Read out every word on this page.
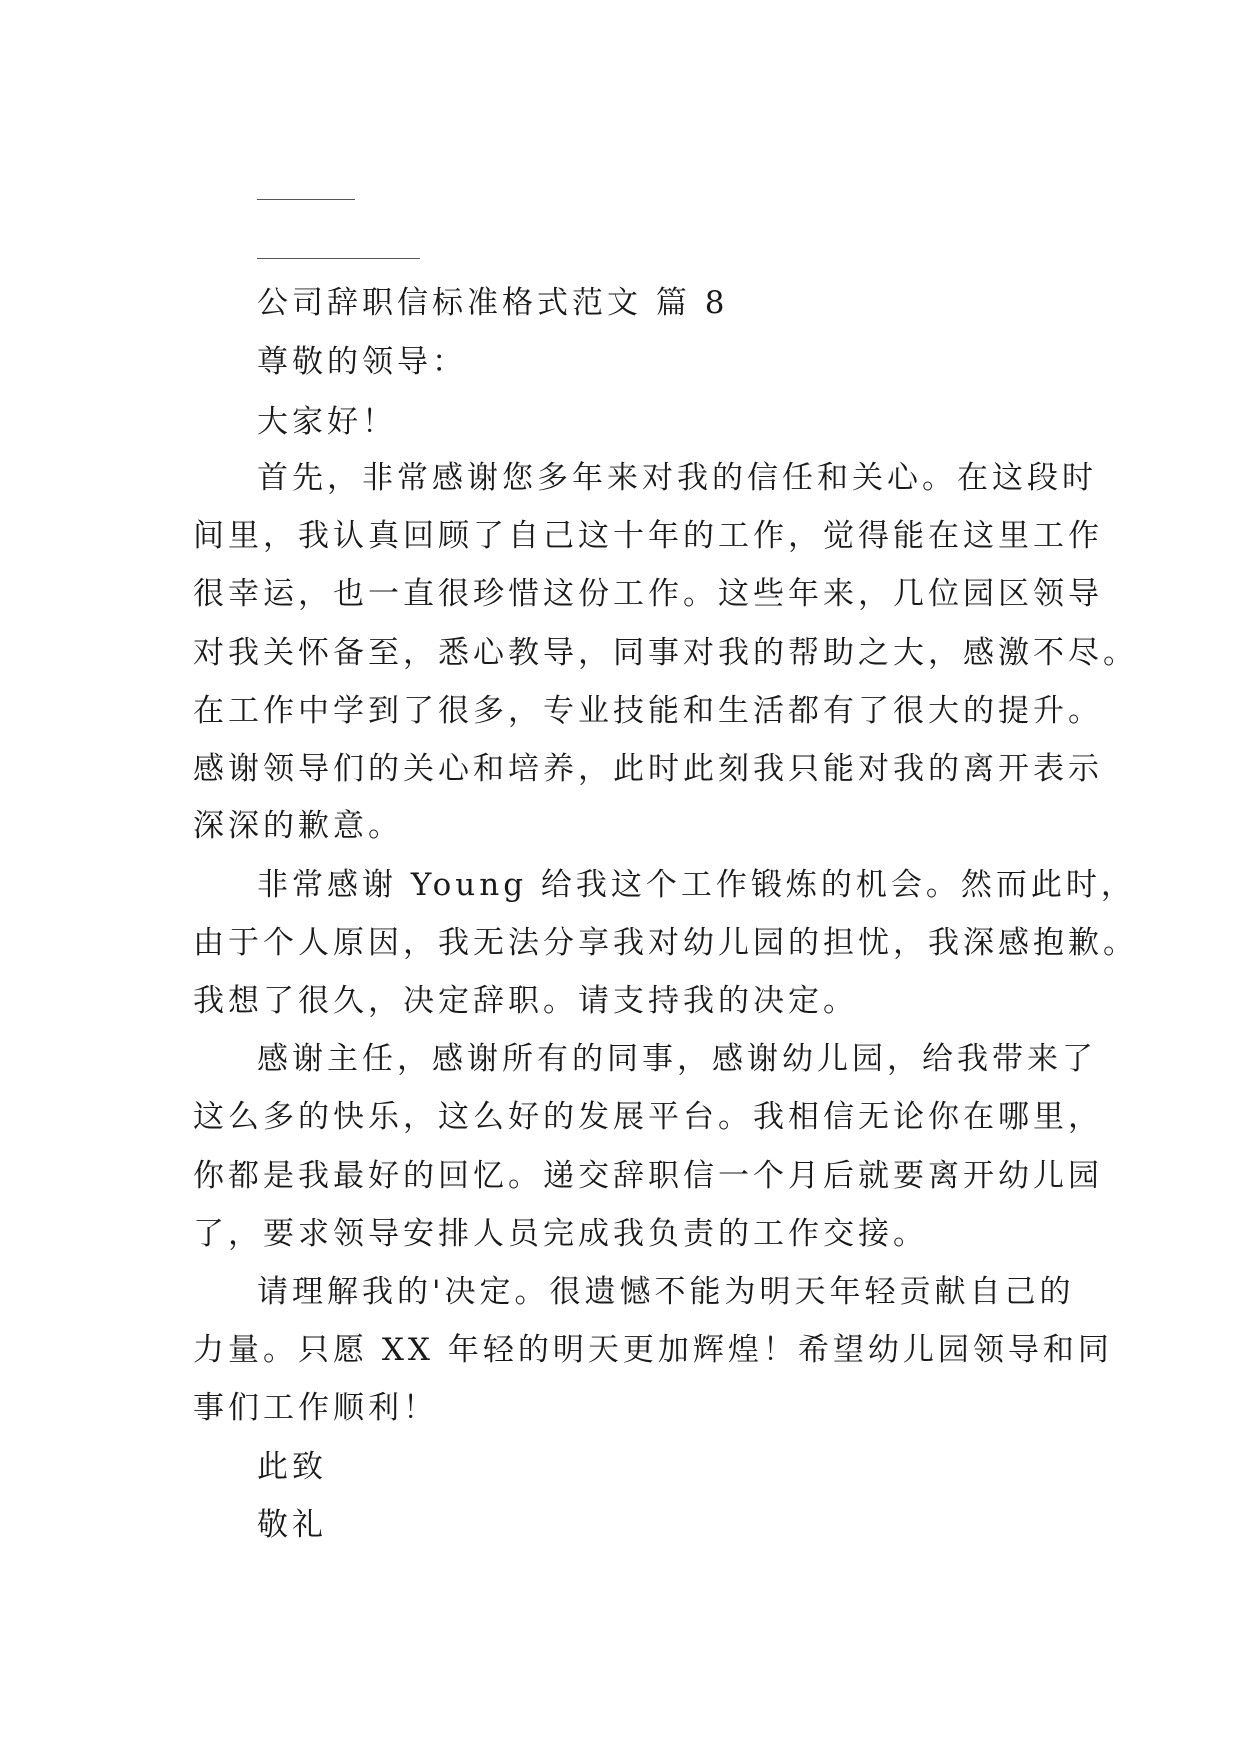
公司辞职信标准格式范文 篇 8

尊敬的领导：

大家好！

首先，非常感谢您多年来对我的信任和关心。在这段时

间里，我认真回顾了自己这十年的工作，觉得能在这里工作

很幸运，也一直很珍惜这份工作。这些年来，几位园区领导

对我关怀备至，悉心教导，同事对我的帮助之大，感激不尽。

在工作中学到了很多，专业技能和生活都有了很大的提升。

感谢领导们的关心和培养，此时此刻我只能对我的离开表示

深深的歉意。

非常感谢 Young 给我这个工作锻炼的机会。然而此时，

由于个人原因，我无法分享我对幼儿园的担忧，我深感抱歉。

我想了很久，决定辞职。请支持我的决定。

感谢主任，感谢所有的同事，感谢幼儿园，给我带来了

这么多的快乐，这么好的发展平台。我相信无论你在哪里，

你都是我最好的回忆。递交辞职信一个月后就要离开幼儿园

了，要求领导安排人员完成我负责的工作交接。

请理解我的'决定。很遗憾不能为明天年轻贡献自己的

力量。只愿 XX 年轻的明天更加辉煌！希望幼儿园领导和同

事们工作顺利！

此致

敬礼
